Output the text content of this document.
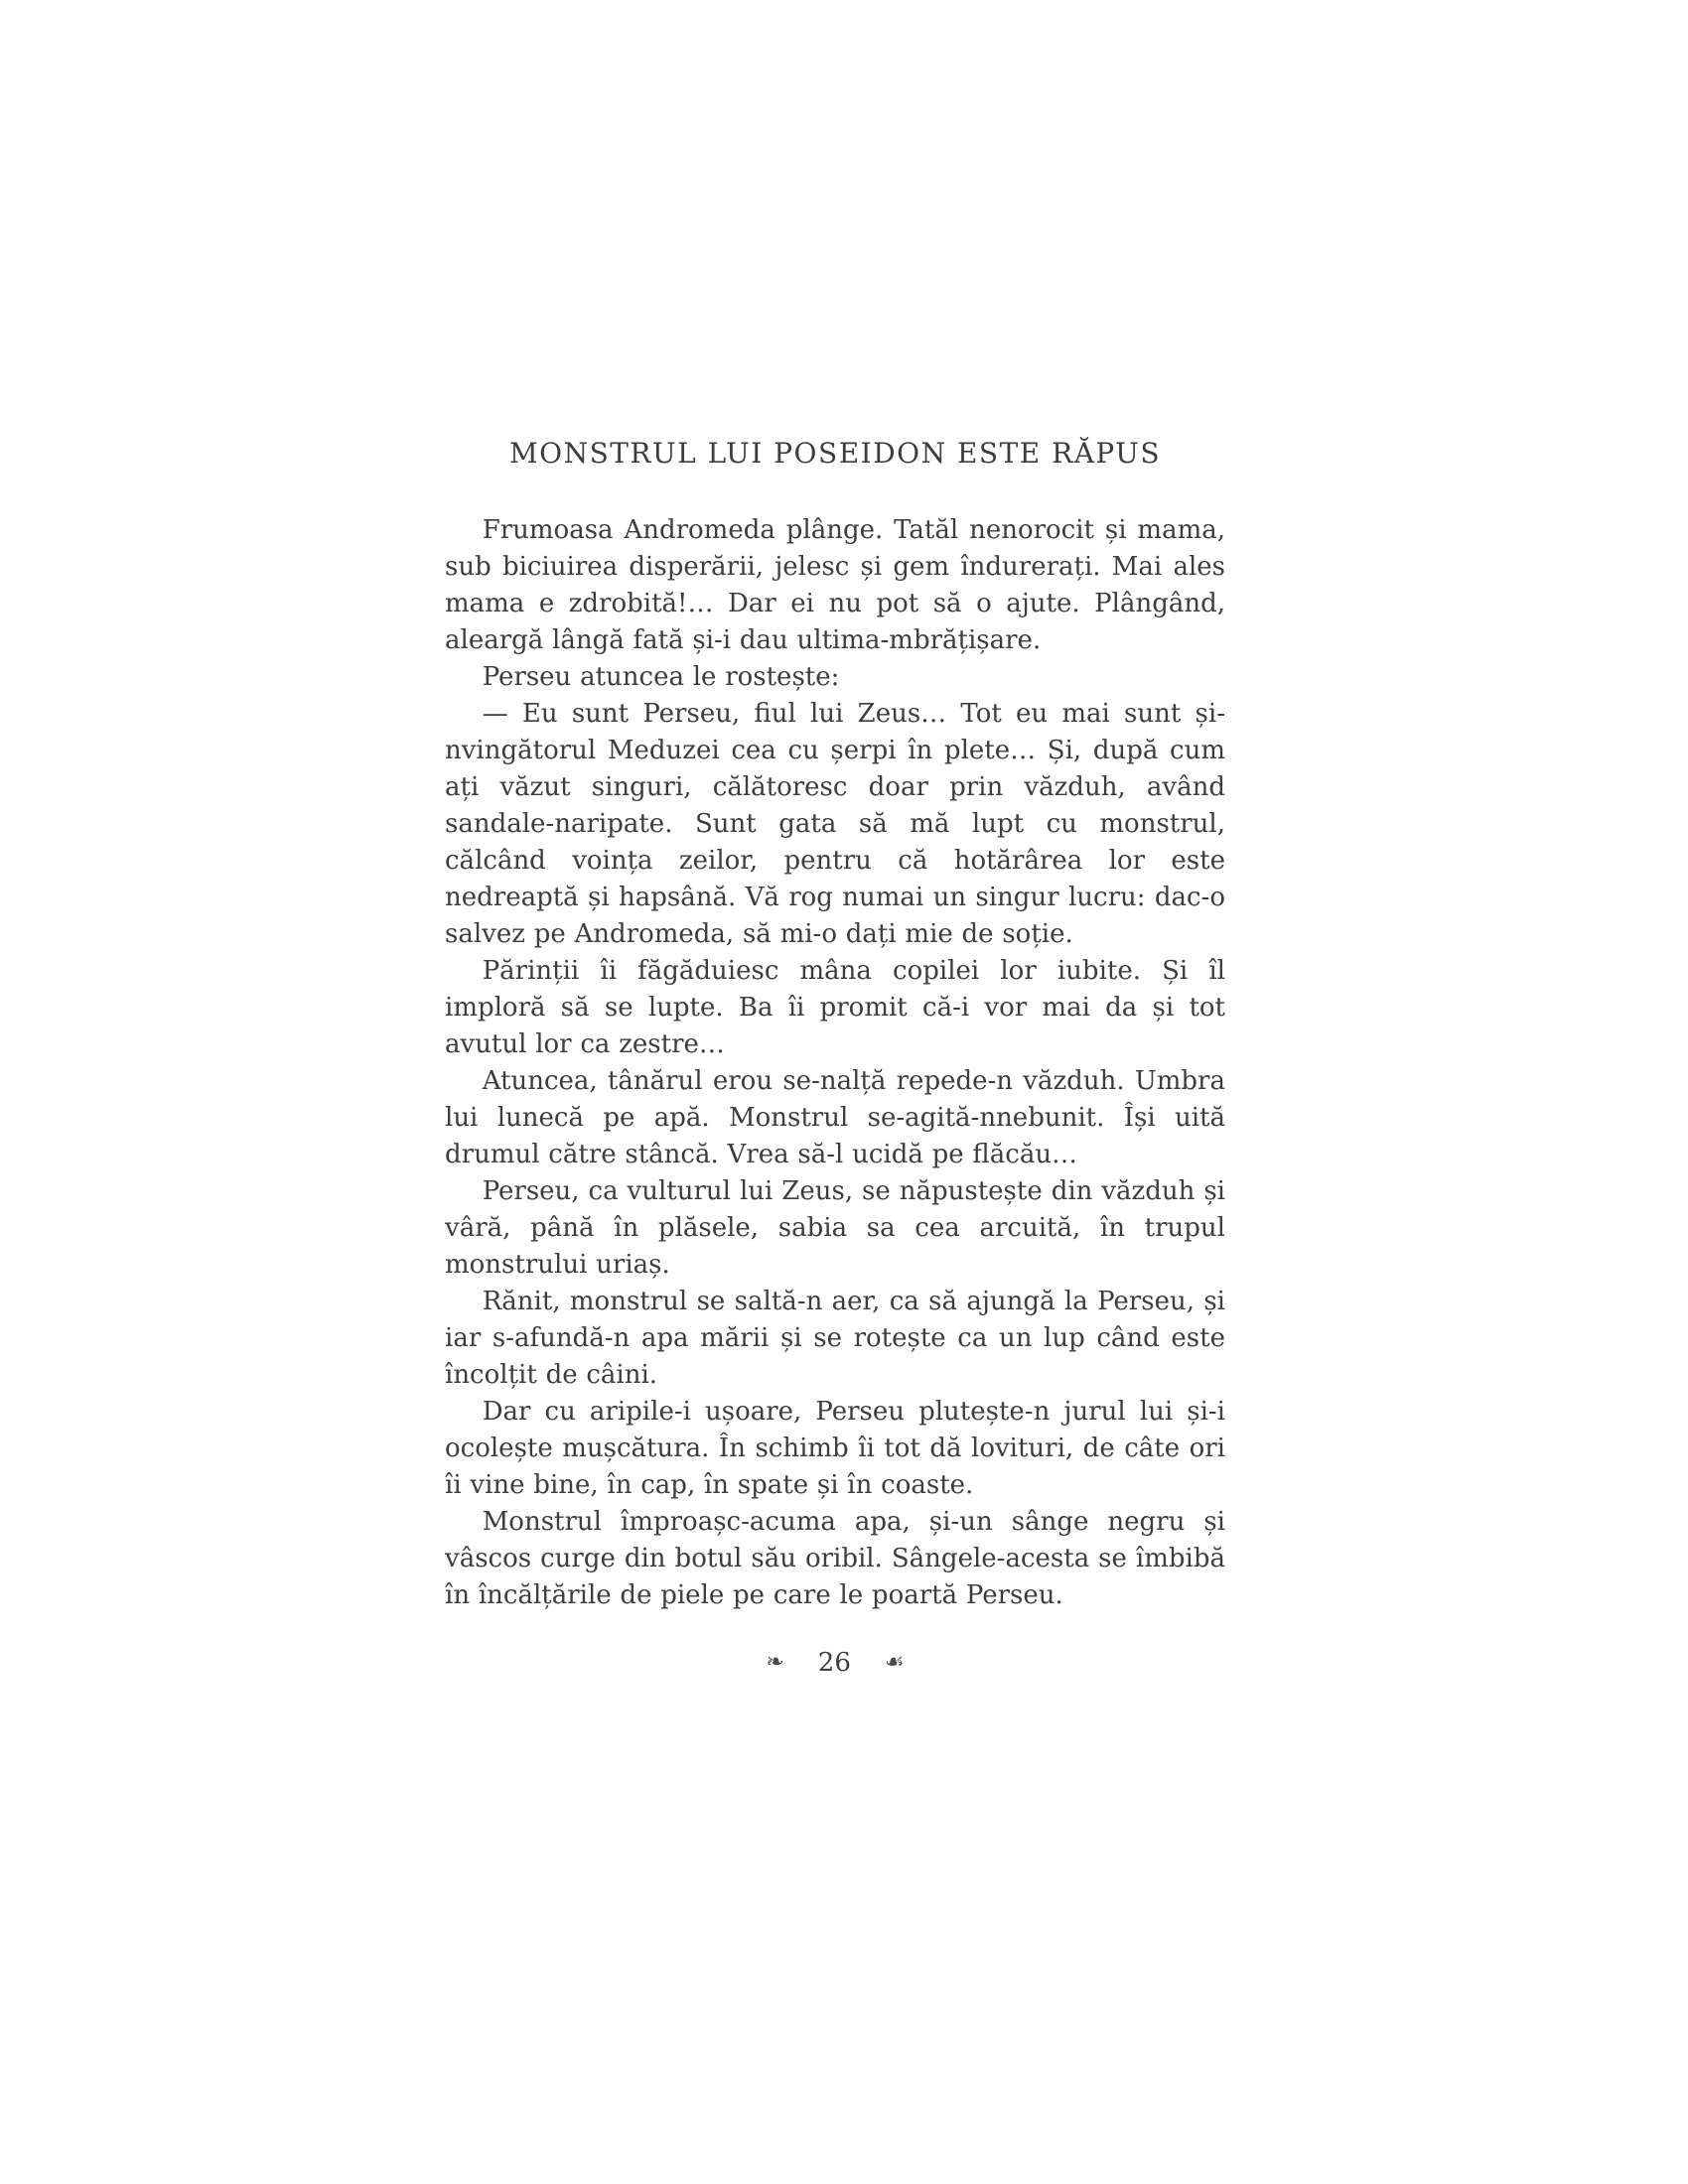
MONSTRUL LUI POSEIDON ESTE RĂPUS

Frumoasa Andromeda plânge. Tatăl nenorocit și mama, sub biciuirea disperării, jelesc și gem îndurerați. Mai ales mama e zdrobită!… Dar ei nu pot să o ajute. Plângând, aleargă lângă fată și-i dau ultima-mbrățișare.

Perseu atuncea le rostește:

— Eu sunt Perseu, fiul lui Zeus… Tot eu mai sunt și-nvingătorul Meduzei cea cu șerpi în plete… Și, după cum ați văzut singuri, călătoresc doar prin văzduh, având sandale-naripate. Sunt gata să mă lupt cu monstrul, călcând voința zeilor, pentru că hotărârea lor este nedreaptă și hapsână. Vă rog numai un singur lucru: dac-o salvez pe Andromeda, să mi-o dați mie de soție.

Părinții îi făgăduiesc mâna copilei lor iubite. Și îl imploră să se lupte. Ba îi promit că-i vor mai da și tot avutul lor ca zestre…

Atuncea, tânărul erou se-nalță repede-n văzduh. Umbra lui lunecă pe apă. Monstrul se-agită-nnebunit. Își uită drumul către stâncă. Vrea să-l ucidă pe flăcău…

Perseu, ca vulturul lui Zeus, se năpustește din văzduh și vâră, până în plăsele, sabia sa cea arcuită, în trupul monstrului uriaș.

Rănit, monstrul se saltă-n aer, ca să ajungă la Perseu, și iar s-afundă-n apa mării și se rotește ca un lup când este încolțit de câini.

Dar cu aripile-i ușoare, Perseu plutește-n jurul lui și-i ocolește mușcătura. În schimb îi tot dă lovituri, de câte ori îi vine bine, în cap, în spate și în coaste.

Monstrul împroașc-acuma apa, și-un sânge negru și vâscos curge din botul său oribil. Sângele-acesta se îmbibă în încălțările de piele pe care le poartă Perseu.

❧ 26 ☙
